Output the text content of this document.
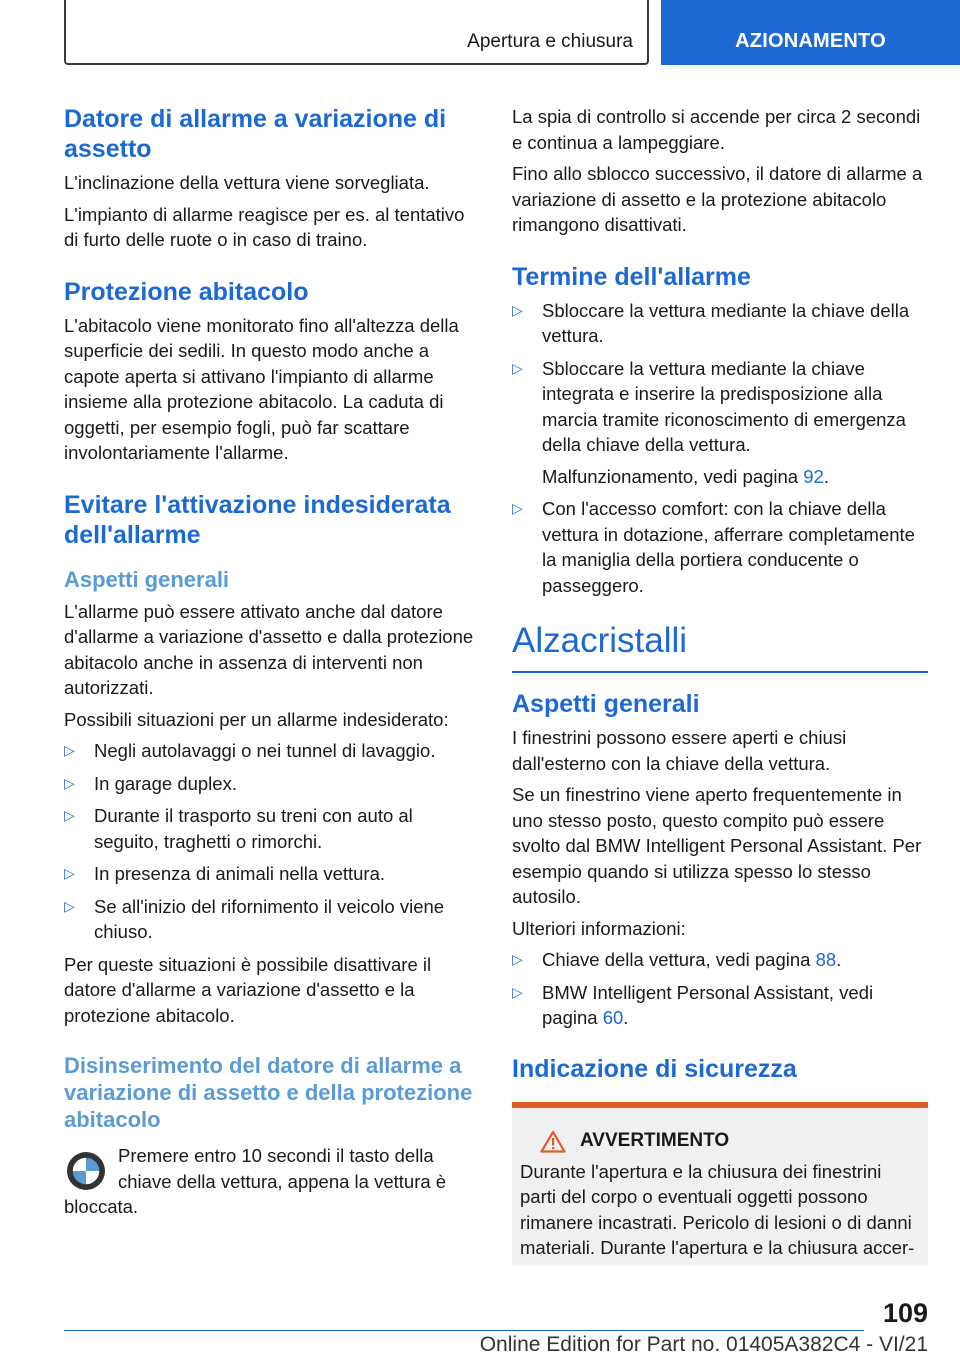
Apertura e chiusura	AZIONAMENTO
Datore di allarme a variazione di assetto
L'inclinazione della vettura viene sorvegliata.
L'impianto di allarme reagisce per es. al tentativo di furto delle ruote o in caso di traino.
Protezione abitacolo
L'abitacolo viene monitorato fino all'altezza della superficie dei sedili. In questo modo anche a capote aperta si attivano l'impianto di allarme insieme alla protezione abitacolo. La caduta di oggetti, per esempio fogli, può far scattare involontariamente l'allarme.
Evitare l'attivazione indesiderata dell'allarme
Aspetti generali
L'allarme può essere attivato anche dal datore d'allarme a variazione d'assetto e dalla protezione abitacolo anche in assenza di interventi non autorizzati.
Possibili situazioni per un allarme indesiderato:
▷ Negli autolavaggi o nei tunnel di lavaggio.
▷ In garage duplex.
▷ Durante il trasporto su treni con auto al seguito, traghetti o rimorchi.
▷ In presenza di animali nella vettura.
▷ Se all'inizio del rifornimento il veicolo viene chiuso.
Per queste situazioni è possibile disattivare il datore d'allarme a variazione d'assetto e la protezione abitacolo.
Disinserimento del datore di allarme a variazione di assetto e della protezione abitacolo
Premere entro 10 secondi il tasto della chiave della vettura, appena la vettura è bloccata.
La spia di controllo si accende per circa 2 secondi e continua a lampeggiare.
Fino allo sblocco successivo, il datore di allarme a variazione di assetto e la protezione abitacolo rimangono disattivati.
Termine dell'allarme
▷ Sbloccare la vettura mediante la chiave della vettura.
▷ Sbloccare la vettura mediante la chiave integrata e inserire la predisposizione alla marcia tramite riconoscimento di emergenza della chiave della vettura.
Malfunzionamento, vedi pagina 92.
▷ Con l'accesso comfort: con la chiave della vettura in dotazione, afferrare completamente la maniglia della portiera conducente o passeggero.
Alzacristalli
Aspetti generali
I finestrini possono essere aperti e chiusi dall'esterno con la chiave della vettura.
Se un finestrino viene aperto frequentemente in uno stesso posto, questo compito può essere svolto dal BMW Intelligent Personal Assistant. Per esempio quando si utilizza spesso lo stesso autosilo.
Ulteriori informazioni:
▷ Chiave della vettura, vedi pagina 88.
▷ BMW Intelligent Personal Assistant, vedi pagina 60.
Indicazione di sicurezza
AVVERTIMENTO
Durante l'apertura e la chiusura dei finestrini parti del corpo o eventuali oggetti possono rimanere incastrati. Pericolo di lesioni o di danni materiali. Durante l'apertura e la chiusura accer-
109
Online Edition for Part no. 01405A382C4 - VI/21
